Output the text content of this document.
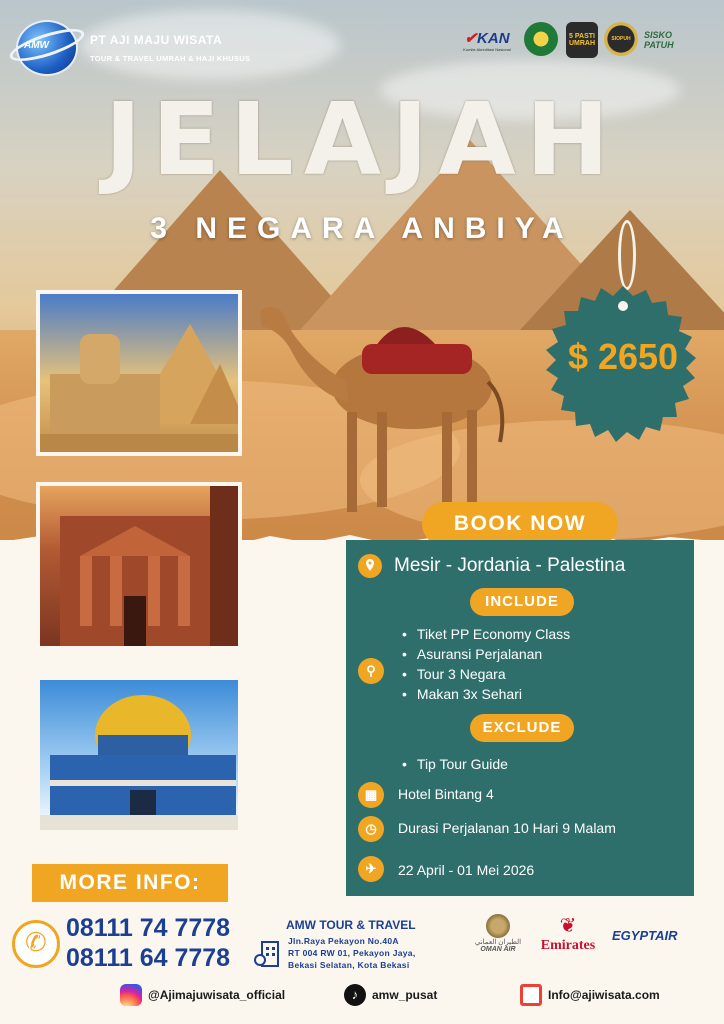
AMW	PT AJI MAJU WISATA
TOUR & TRAVEL UMRAH & HAJI KHUSUS
✔KAN
Komite Akreditasi Nasional
5 PASTI UMRAH
SIOPUH	SISKO PATUH
JELAJAH
3 NEGARA ANBIYA
$ 2650
BOOK NOW
Mesir - Jordania - Palestina
INCLUDE
• Tiket PP Economy Class
• Asuransi Perjalanan
• Tour 3 Negara
• Makan 3x Sehari
⚲
EXCLUDE
• Tip Tour Guide
▦	Hotel Bintang 4
◷	Durasi Perjalanan 10 Hari 9 Malam
✈	22 April - 01 Mei 2026
MORE INFO:
✆
08111 74 7778
08111 64 7778
AMW TOUR & TRAVEL
Jln.Raya Pekayon No.40A
RT 004 RW 01, Pekayon Jaya,
Bekasi Selatan, Kota Bekasi
الطيران العماني
OMAN AIR
❦
Emirates
EGYPTAIR
@Ajimajuwisata_official	♪	amw_pusat	Info@ajiwisata.com
